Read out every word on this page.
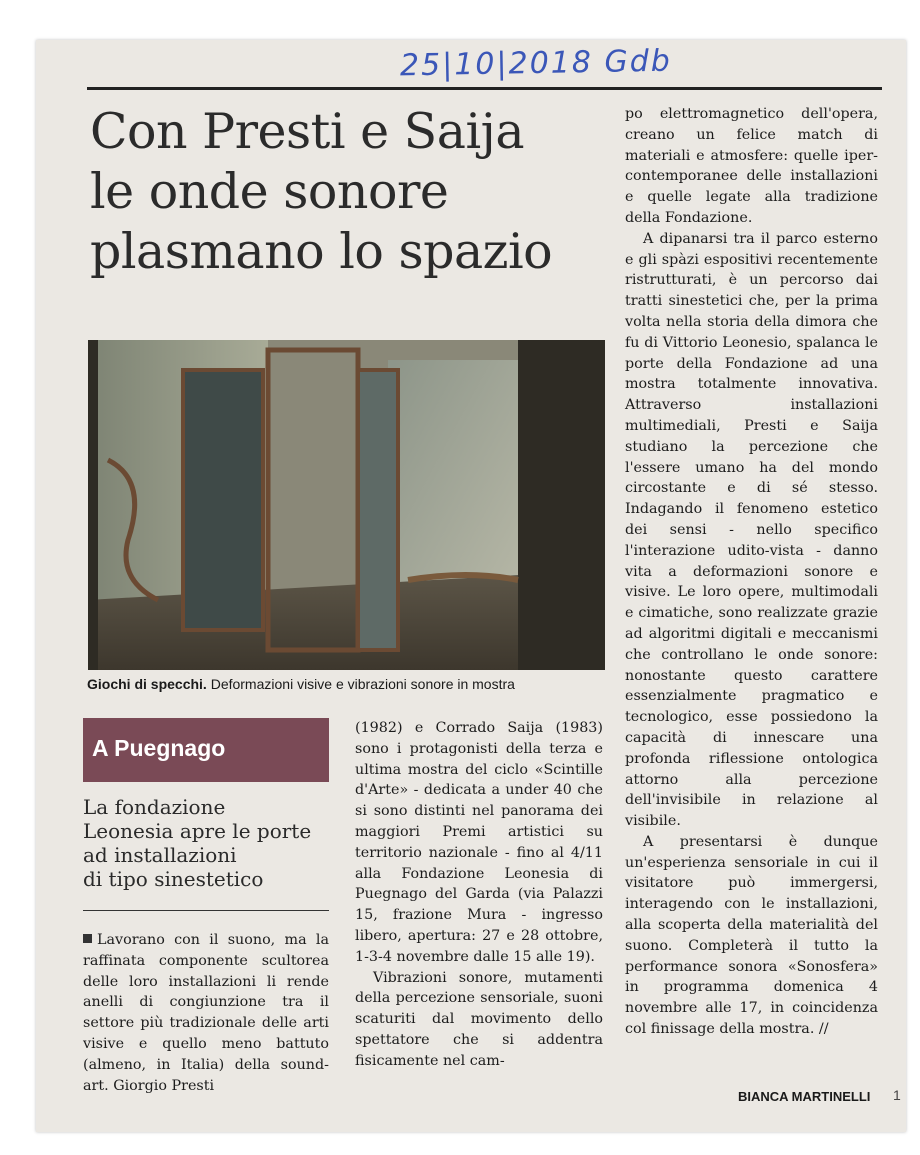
25|10|2018 Gdb
Con Presti e Saija
le onde sonore
plasmano lo spazio
Giochi di specchi. Deformazioni visive e vibrazioni sonore in mostra
A Puegnago
La fondazione
Leonesia apre le porte
ad installazioni
di tipo sinestetico

Lavorano con il suono, ma la raffinata componente scultorea delle loro installazioni li rende anelli di congiunzione tra il settore più tradizionale delle arti visive e quello meno battuto (almeno, in Italia) della sound-art. Giorgio Presti

(1982) e Corrado Saija (1983) sono i protagonisti della terza e ultima mostra del ciclo «Scintille d'Arte» - dedicata a under 40 che si sono distinti nel panorama dei maggiori Premi artistici su territorio nazionale - fino al 4/11 alla Fondazione Leonesia di Puegnago del Garda (via Palazzi 15, frazione Mura - ingresso libero, apertura: 27 e 28 ottobre, 1-3-4 novembre dalle 15 alle 19).

Vibrazioni sonore, mutamenti della percezione sensoriale, suoni scaturiti dal movimento dello spettatore che si addentra fisicamente nel cam-

po elettromagnetico dell'opera, creano un felice match di materiali e atmosfere: quelle iper-contemporanee delle installazioni e quelle legate alla tradizione della Fondazione.

A dipanarsi tra il parco esterno e gli spàzi espositivi recentemente ristrutturati, è un percorso dai tratti sinestetici che, per la prima volta nella storia della dimora che fu di Vittorio Leonesio, spalanca le porte della Fondazione ad una mostra totalmente innovativa. Attraverso installazioni multimediali, Presti e Saija studiano la percezione che l'essere umano ha del mondo circostante e di sé stesso. Indagando il fenomeno estetico dei sensi - nello specifico l'interazione udito-vista - danno vita a deformazioni sonore e visive. Le loro opere, multimodali e cimatiche, sono realizzate grazie ad algoritmi digitali e meccanismi che controllano le onde sonore: nonostante questo carattere essenzialmente pragmatico e tecnologico, esse possiedono la capacità di innescare una profonda riflessione ontologica attorno alla percezione dell'invisibile in relazione al visibile.

A presentarsi è dunque un'esperienza sensoriale in cui il visitatore può immergersi, interagendo con le installazioni, alla scoperta della materialità del suono. Completerà il tutto la performance sonora «Sonosfera» in programma domenica 4 novembre alle 17, in coincidenza col finissage della mostra. //

BIANCA MARTINELLI 1
